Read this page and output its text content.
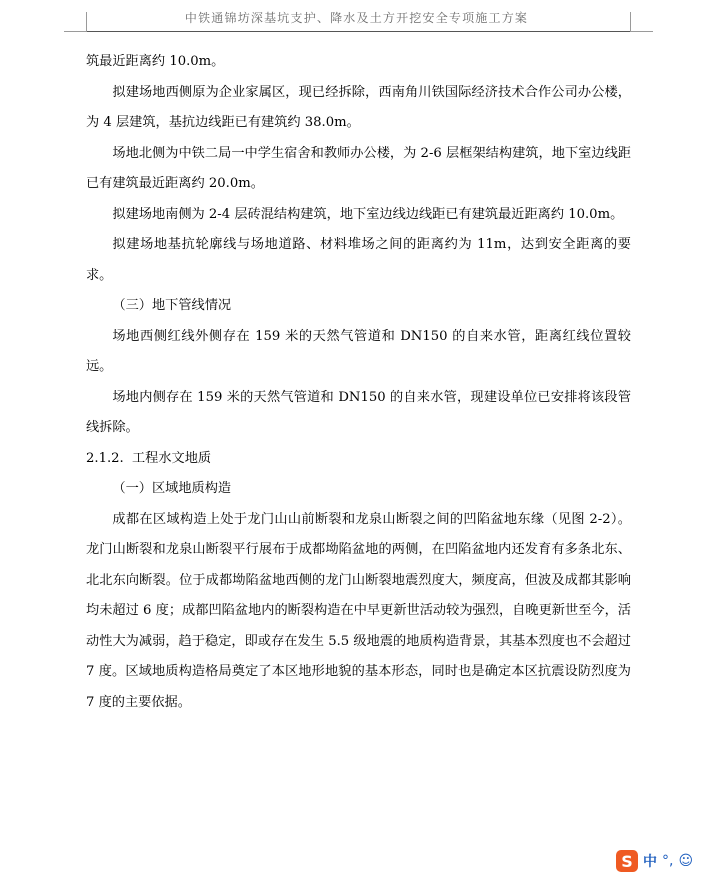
中铁通锦坊深基坑支护、降水及土方开挖安全专项施工方案

筑最近距离约 10.0m。

拟建场地西侧原为企业家属区，现已经拆除，西南角川铁国际经济技术合作公司办公楼，为 4 层建筑，基抗边线距已有建筑约 38.0m。

场地北侧为中铁二局一中学生宿舍和教师办公楼，为 2-6 层框架结构建筑，地下室边线距已有建筑最近距离约 20.0m。

拟建场地南侧为 2-4 层砖混结构建筑，地下室边线边线距已有建筑最近距离约 10.0m。

拟建场地基抗轮廓线与场地道路、材料堆场之间的距离约为 11m，达到安全距离的要求。

（三）地下管线情况

场地西侧红线外侧存在 159 米的天然气管道和 DN150 的自来水管，距离红线位置较远。

场地内侧存在 159 米的天然气管道和 DN150 的自来水管，现建设单位已安排将该段管线拆除。

2.1.2. 工程水文地质

（一）区域地质构造

成都在区域构造上处于龙门山山前断裂和龙泉山断裂之间的凹陷盆地东缘（见图 2-2）。龙门山断裂和龙泉山断裂平行展布于成都坳陷盆地的两侧，在凹陷盆地内还发育有多条北东、北北东向断裂。位于成都坳陷盆地西侧的龙门山断裂地震烈度大，频度高，但波及成都其影响均未超过 6 度；成都凹陷盆地内的断裂构造在中早更新世活动较为强烈，自晚更新世至今，活动性大为减弱，趋于稳定，即或存在发生 5.5 级地震的地质构造背景，其基本烈度也不会超过 7 度。区域地质构造格局奠定了本区地形地貌的基本形态，同时也是确定本区抗震设防烈度为 7 度的主要依据。

S 中 °, ☺
